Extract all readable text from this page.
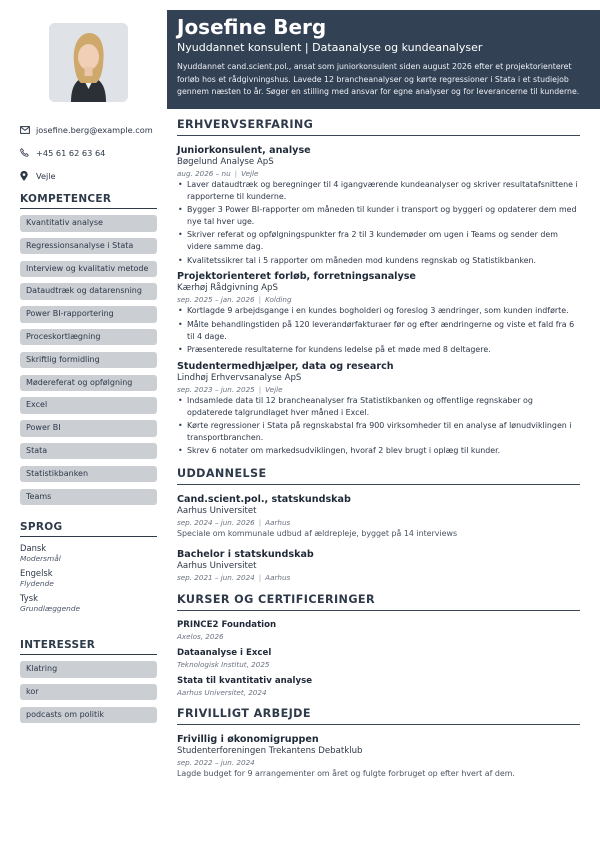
josefine.berg@example.com
+45 61 62 63 64
Vejle
KOMPETENCER
Kvantitativ analyse
Regressionsanalyse i Stata
Interview og kvalitativ metode
Dataudtræk og datarensning
Power BI-rapportering
Proceskortlægning
Skriftlig formidling
Mødereferat og opfølgning
Excel
Power BI
Stata
Statistikbanken
Teams
SPROG
Dansk
Modersmål
Engelsk
Flydende
Tysk
Grundlæggende
INTERESSER
Klatring
kor
podcasts om politik
Josefine Berg
Nyuddannet konsulent | Dataanalyse og kundeanalyser
Nyuddannet cand.scient.pol., ansat som juniorkonsulent siden august 2026 efter et projektorienteret forløb hos et rådgivningshus. Lavede 12 brancheanalyser og kørte regressioner i Stata i et studiejob gennem næsten to år. Søger en stilling med ansvar for egne analyser og for leverancerne til kunderne.
ERHVERVSERFARING
Juniorkonsulent, analyse
Bøgelund Analyse ApS
aug. 2026 – nu | Vejle
• Laver dataudtræk og beregninger til 4 igangværende kundeanalyser og skriver resultatafsnittene i rapporterne til kunderne.
• Bygger 3 Power BI-rapporter om måneden til kunder i transport og byggeri og opdaterer dem med nye tal hver uge.
• Skriver referat og opfølgningspunkter fra 2 til 3 kundemøder om ugen i Teams og sender dem videre samme dag.
• Kvalitetssikrer tal i 5 rapporter om måneden mod kundens regnskab og Statistikbanken.
Projektorienteret forløb, forretningsanalyse
Kærhøj Rådgivning ApS
sep. 2025 – jan. 2026 | Kolding
• Kortlagde 9 arbejdsgange i en kundes bogholderi og foreslog 3 ændringer, som kunden indførte.
• Målte behandlingstiden på 120 leverandørfakturaer før og efter ændringerne og viste et fald fra 6 til 4 dage.
• Præsenterede resultaterne for kundens ledelse på et møde med 8 deltagere.
Studentermedhjælper, data og research
Lindhøj Erhvervsanalyse ApS
sep. 2023 – jun. 2025 | Vejle
• Indsamlede data til 12 brancheanalyser fra Statistikbanken og offentlige regnskaber og opdaterede talgrundlaget hver måned i Excel.
• Kørte regressioner i Stata på regnskabstal fra 900 virksomheder til en analyse af lønudviklingen i transportbranchen.
• Skrev 6 notater om markedsudviklingen, hvoraf 2 blev brugt i oplæg til kunder.
UDDANNELSE
Cand.scient.pol., statskundskab
Aarhus Universitet
sep. 2024 – jun. 2026 | Aarhus
Speciale om kommunale udbud af ældrepleje, bygget på 14 interviews
Bachelor i statskundskab
Aarhus Universitet
sep. 2021 – jun. 2024 | Aarhus
KURSER OG CERTIFICERINGER
PRINCE2 Foundation
Axelos, 2026
Dataanalyse i Excel
Teknologisk Institut, 2025
Stata til kvantitativ analyse
Aarhus Universitet, 2024
FRIVILLIGT ARBEJDE
Frivillig i økonomigruppen
Studenterforeningen Trekantens Debatklub
sep. 2022 – jun. 2024
Lagde budget for 9 arrangementer om året og fulgte forbruget op efter hvert af dem.
